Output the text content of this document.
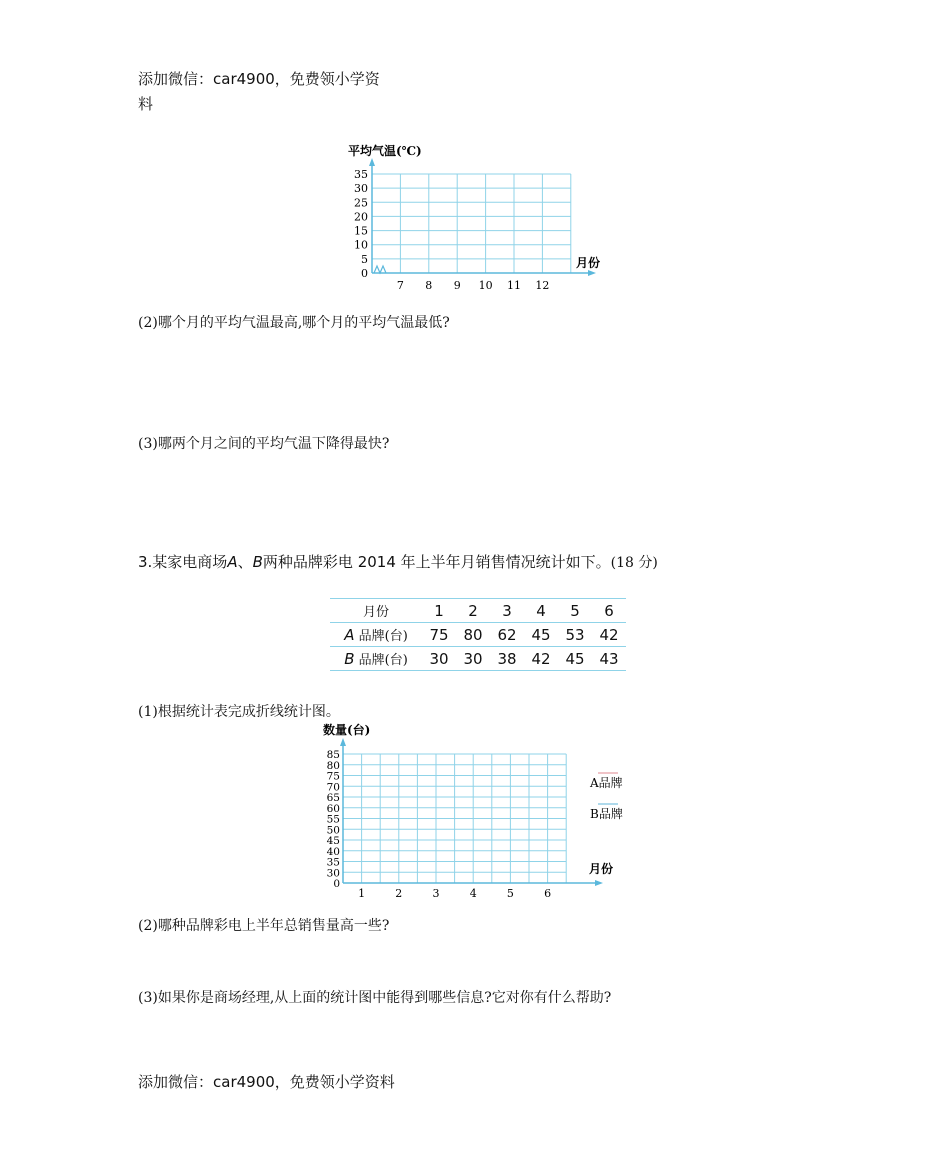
添加微信：car4900，免费领小学资
料
平均气温(℃)
0
5
10
15
20
25
30
35
7 8 9 10 11 12
月份
(2)哪个月的平均气温最高,哪个月的平均气温最低?
(3)哪两个月之间的平均气温下降得最快?
3.某家电商场A、B两种品牌彩电 2014 年上半年月销售情况统计如下。(18 分)
月份	1	2	3	4	5	6
A 品牌(台)	75	80	62	45	53	42
B 品牌(台)	30	30	38	42	45	43
(1)根据统计表完成折线统计图。
数量(台)
0
30
35
40
45
50
55
60
65
70
75
80
85
1	2	3	4	5	6
月份
A品牌
B品牌
(2)哪种品牌彩电上半年总销售量高一些?
(3)如果你是商场经理,从上面的统计图中能得到哪些信息?它对你有什么帮助?
添加微信：car4900，免费领小学资料
